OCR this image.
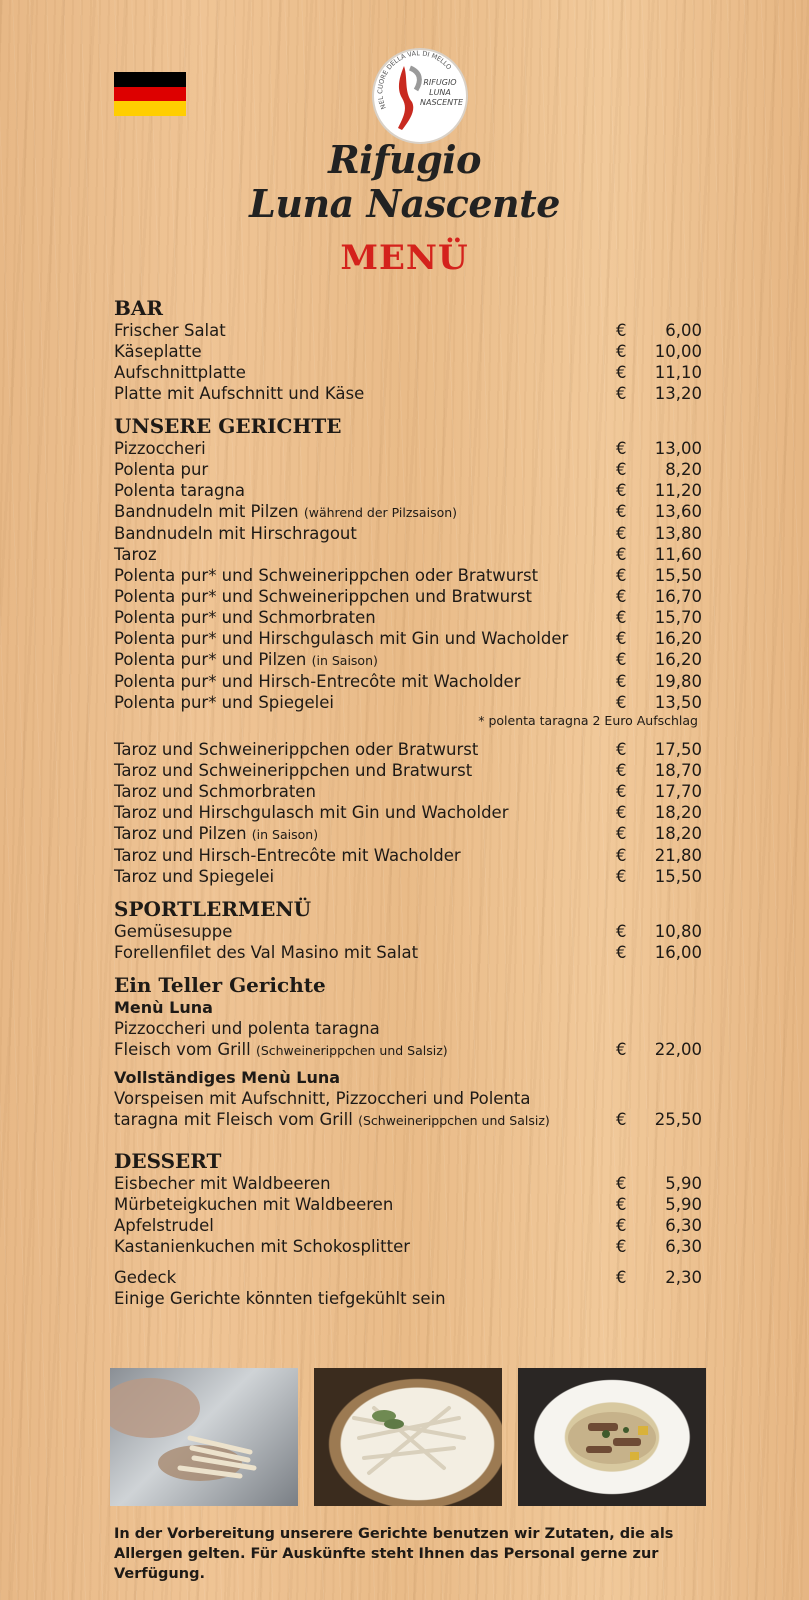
NEL CUORE DELLA VAL DI MELLO
RIFUGIO
LUNA
NASCENTE
Rifugio
Luna Nascente
MENÜ
BAR
Frischer Salat	€	6,00
Käseplatte	€	10,00
Aufschnittplatte	€	11,10
Platte mit Aufschnitt und Käse	€	13,20
UNSERE GERICHTE
Pizzoccheri	€	13,00
Polenta pur	€	8,20
Polenta taragna	€	11,20
Bandnudeln mit Pilzen (während der Pilzsaison)	€	13,60
Bandnudeln mit Hirschragout	€	13,80
Taroz	€	11,60
Polenta pur* und Schweinerippchen oder Bratwurst	€	15,50
Polenta pur* und Schweinerippchen und Bratwurst	€	16,70
Polenta pur* und Schmorbraten	€	15,70
Polenta pur* und Hirschgulasch mit Gin und Wacholder	€	16,20
Polenta pur* und Pilzen (in Saison)	€	16,20
Polenta pur* und Hirsch-Entrecôte mit Wacholder	€	19,80
Polenta pur* und Spiegelei	€	13,50
* polenta taragna 2 Euro Aufschlag
Taroz und Schweinerippchen oder Bratwurst	€	17,50
Taroz und Schweinerippchen und Bratwurst	€	18,70
Taroz und Schmorbraten	€	17,70
Taroz und Hirschgulasch mit Gin und Wacholder	€	18,20
Taroz und Pilzen (in Saison)	€	18,20
Taroz und Hirsch-Entrecôte mit Wacholder	€	21,80
Taroz und Spiegelei	€	15,50
SPORTLERMENÜ
Gemüsesuppe	€	10,80
Forellenfilet des Val Masino mit Salat	€	16,00
Ein Teller Gerichte
Menù Luna
Pizzoccheri und polenta taragna
Fleisch vom Grill (Schweinerippchen und Salsiz)	€	22,00
Vollständiges Menù Luna
Vorspeisen mit Aufschnitt, Pizzoccheri und Polenta
taragna mit Fleisch vom Grill (Schweinerippchen und Salsiz)	€	25,50
DESSERT
Eisbecher mit Waldbeeren	€	5,90
Mürbeteigkuchen mit Waldbeeren	€	5,90
Apfelstrudel	€	6,30
Kastanienkuchen mit Schokosplitter	€	6,30
Gedeck	€	2,30
Einige Gerichte könnten tiefgekühlt sein
In der Vorbereitung unserere Gerichte benutzen wir Zutaten, die als Allergen gelten. Für Auskünfte steht Ihnen das Personal gerne zur Verfügung.
